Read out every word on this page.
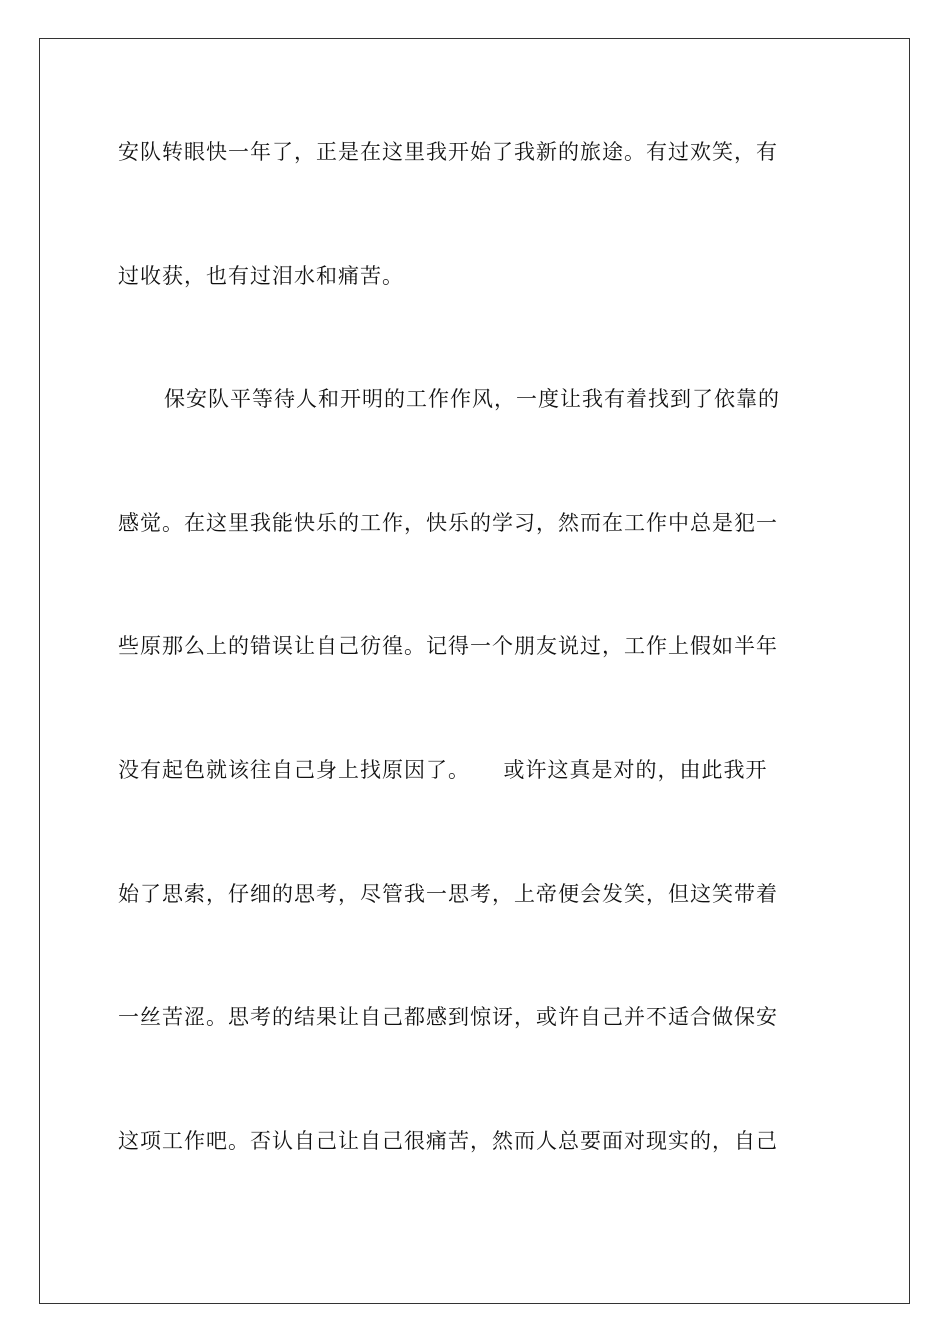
安队转眼快一年了，正是在这里我开始了我新的旅途。有过欢笑，有
过收获，也有过泪水和痛苦。
保安队平等待人和开明的工作作风，一度让我有着找到了依靠的
感觉。在这里我能快乐的工作，快乐的学习，然而在工作中总是犯一
些原那么上的错误让自己彷徨。记得一个朋友说过，工作上假如半年
没有起色就该往自己身上找原因了。　　或许这真是对的，由此我开
始了思索，仔细的思考，尽管我一思考，上帝便会发笑，但这笑带着
一丝苦涩。思考的结果让自己都感到惊讶，或许自己并不适合做保安
这项工作吧。否认自己让自己很痛苦，然而人总要面对现实的，自己
